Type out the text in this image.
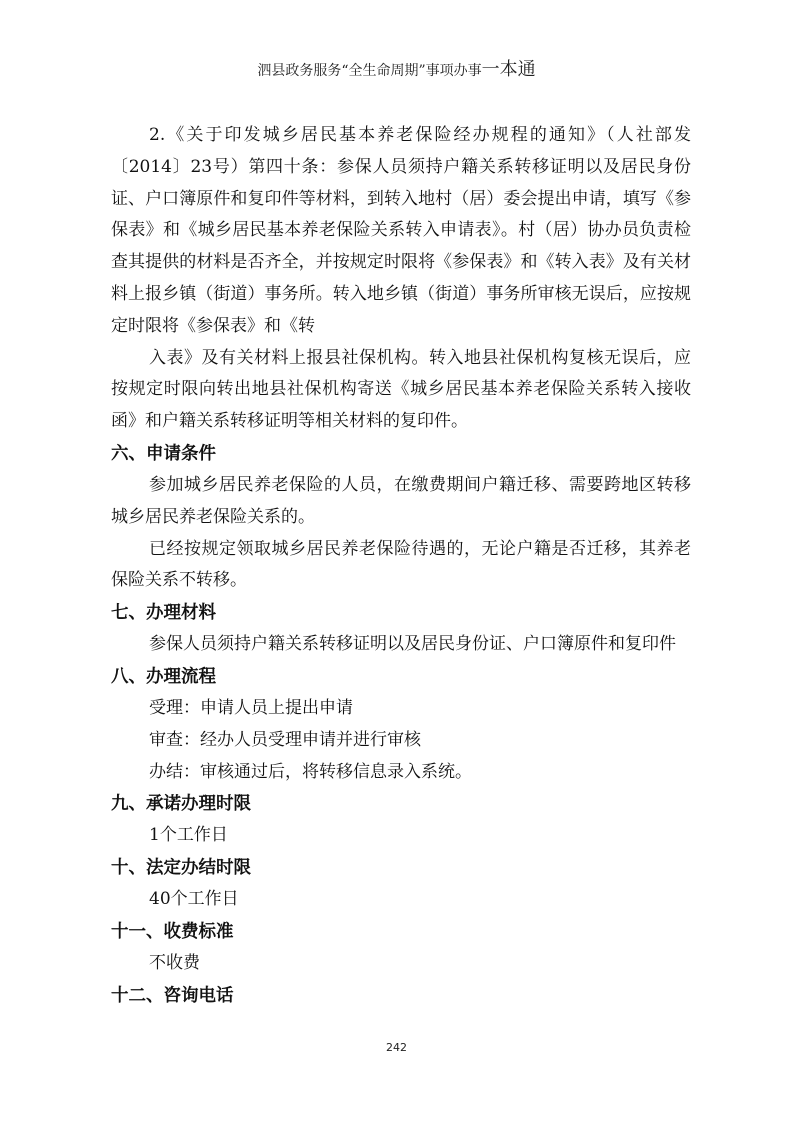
泗县政务服务“全生命周期”事项办事一本通

2.《关于印发城乡居民基本养老保险经办规程的通知》（人社部发〔2014〕23号）第四十条：参保人员须持户籍关系转移证明以及居民身份证、户口簿原件和复印件等材料，到转入地村（居）委会提出申请，填写《参保表》和《城乡居民基本养老保险关系转入申请表》。村（居）协办员负责检查其提供的材料是否齐全，并按规定时限将《参保表》和《转入表》及有关材料上报乡镇（街道）事务所。转入地乡镇（街道）事务所审核无误后，应按规定时限将《参保表》和《转

入表》及有关材料上报县社保机构。转入地县社保机构复核无误后，应按规定时限向转出地县社保机构寄送《城乡居民基本养老保险关系转入接收函》和户籍关系转移证明等相关材料的复印件。

六、申请条件

参加城乡居民养老保险的人员，在缴费期间户籍迁移、需要跨地区转移城乡居民养老保险关系的。

已经按规定领取城乡居民养老保险待遇的，无论户籍是否迁移，其养老保险关系不转移。

七、办理材料

参保人员须持户籍关系转移证明以及居民身份证、户口簿原件和复印件

八、办理流程

受理：申请人员上提出申请

审查：经办人员受理申请并进行审核

办结：审核通过后，将转移信息录入系统。

九、承诺办理时限

1个工作日

十、法定办结时限

40个工作日

十一、收费标准

不收费

十二、咨询电话

242
